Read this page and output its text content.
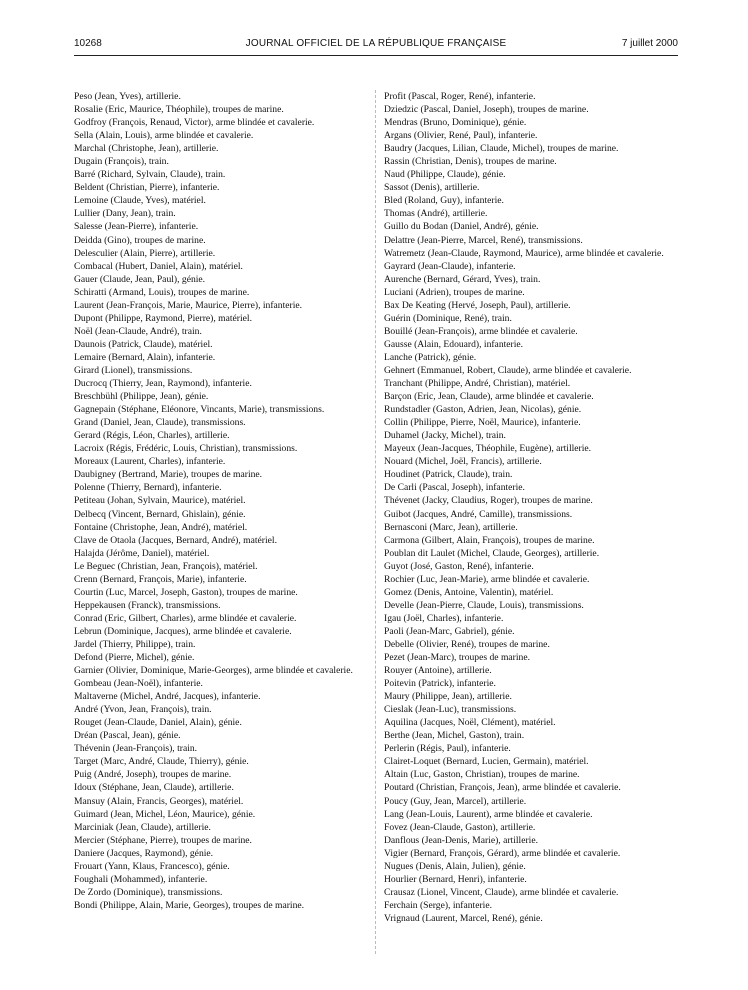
10268	JOURNAL OFFICIEL DE LA RÉPUBLIQUE FRANÇAISE	7 juillet 2000

Peso (Jean, Yves), artillerie.

Rosalie (Eric, Maurice, Théophile), troupes de marine.

Godfroy (François, Renaud, Victor), arme blindée et cavalerie.

Sella (Alain, Louis), arme blindée et cavalerie.

Marchal (Christophe, Jean), artillerie.

Dugain (François), train.

Barré (Richard, Sylvain, Claude), train.

Beldent (Christian, Pierre), infanterie.

Lemoine (Claude, Yves), matériel.

Lullier (Dany, Jean), train.

Salesse (Jean-Pierre), infanterie.

Deidda (Gino), troupes de marine.

Delesculier (Alain, Pierre), artillerie.

Combacal (Hubert, Daniel, Alain), matériel.

Gauer (Claude, Jean, Paul), génie.

Schiratti (Armand, Louis), troupes de marine.

Laurent (Jean-François, Marie, Maurice, Pierre), infanterie.

Dupont (Philippe, Raymond, Pierre), matériel.

Noël (Jean-Claude, André), train.

Daunois (Patrick, Claude), matériel.

Lemaire (Bernard, Alain), infanterie.

Girard (Lionel), transmissions.

Ducrocq (Thierry, Jean, Raymond), infanterie.

Breschbühl (Philippe, Jean), génie.

Gagnepain (Stéphane, Eléonore, Vincants, Marie), transmissions.

Grand (Daniel, Jean, Claude), transmissions.

Gerard (Régis, Léon, Charles), artillerie.

Lacroix (Régis, Frédéric, Louis, Christian), transmissions.

Moreaux (Laurent, Charles), infanterie.

Daubigney (Bertrand, Marie), troupes de marine.

Polenne (Thierry, Bernard), infanterie.

Petiteau (Johan, Sylvain, Maurice), matériel.

Delbecq (Vincent, Bernard, Ghislain), génie.

Fontaine (Christophe, Jean, André), matériel.

Clave de Otaola (Jacques, Bernard, André), matériel.

Halajda (Jérôme, Daniel), matériel.

Le Beguec (Christian, Jean, François), matériel.

Crenn (Bernard, François, Marie), infanterie.

Courtin (Luc, Marcel, Joseph, Gaston), troupes de marine.

Heppekausen (Franck), transmissions.

Conrad (Eric, Gilbert, Charles), arme blindée et cavalerie.

Lebrun (Dominique, Jacques), arme blindée et cavalerie.

Jardel (Thierry, Philippe), train.

Defond (Pierre, Michel), génie.

Garnier (Olivier, Dominique, Marie-Georges), arme blindée et cavalerie.

Gombeau (Jean-Noël), infanterie.

Maltaverne (Michel, André, Jacques), infanterie.

André (Yvon, Jean, François), train.

Rouget (Jean-Claude, Daniel, Alain), génie.

Dréan (Pascal, Jean), génie.

Thévenin (Jean-François), train.

Target (Marc, André, Claude, Thierry), génie.

Puig (André, Joseph), troupes de marine.

Idoux (Stéphane, Jean, Claude), artillerie.

Mansuy (Alain, Francis, Georges), matériel.

Guimard (Jean, Michel, Léon, Maurice), génie.

Marciniak (Jean, Claude), artillerie.

Mercier (Stéphane, Pierre), troupes de marine.

Daniere (Jacques, Raymond), génie.

Frouart (Yann, Klaus, Francesco), génie.

Foughali (Mohammed), infanterie.

De Zordo (Dominique), transmissions.

Bondi (Philippe, Alain, Marie, Georges), troupes de marine.

Profit (Pascal, Roger, René), infanterie.

Dziedzic (Pascal, Daniel, Joseph), troupes de marine.

Mendras (Bruno, Dominique), génie.

Argans (Olivier, René, Paul), infanterie.

Baudry (Jacques, Lilian, Claude, Michel), troupes de marine.

Rassin (Christian, Denis), troupes de marine.

Naud (Philippe, Claude), génie.

Sassot (Denis), artillerie.

Bled (Roland, Guy), infanterie.

Thomas (André), artillerie.

Guillo du Bodan (Daniel, André), génie.

Delattre (Jean-Pierre, Marcel, René), transmissions.

Watremetz (Jean-Claude, Raymond, Maurice), arme blindée et cavalerie.

Gayrard (Jean-Claude), infanterie.

Aurenche (Bernard, Gérard, Yves), train.

Luciani (Adrien), troupes de marine.

Bax De Keating (Hervé, Joseph, Paul), artillerie.

Guérin (Dominique, René), train.

Bouillé (Jean-François), arme blindée et cavalerie.

Gausse (Alain, Edouard), infanterie.

Lanche (Patrick), génie.

Gehnert (Emmanuel, Robert, Claude), arme blindée et cavalerie.

Tranchant (Philippe, André, Christian), matériel.

Barçon (Eric, Jean, Claude), arme blindée et cavalerie.

Rundstadler (Gaston, Adrien, Jean, Nicolas), génie.

Collin (Philippe, Pierre, Noël, Maurice), infanterie.

Duhamel (Jacky, Michel), train.

Mayeux (Jean-Jacques, Théophile, Eugène), artillerie.

Nouard (Michel, Joël, Francis), artillerie.

Houdinet (Patrick, Claude), train.

De Carli (Pascal, Joseph), infanterie.

Thévenet (Jacky, Claudius, Roger), troupes de marine.

Guibot (Jacques, André, Camille), transmissions.

Bernasconi (Marc, Jean), artillerie.

Carmona (Gilbert, Alain, François), troupes de marine.

Poublan dit Laulet (Michel, Claude, Georges), artillerie.

Guyot (José, Gaston, René), infanterie.

Rochier (Luc, Jean-Marie), arme blindée et cavalerie.

Gomez (Denis, Antoine, Valentin), matériel.

Develle (Jean-Pierre, Claude, Louis), transmissions.

Igau (Joël, Charles), infanterie.

Paoli (Jean-Marc, Gabriel), génie.

Debelle (Olivier, René), troupes de marine.

Pezet (Jean-Marc), troupes de marine.

Rouyer (Antoine), artillerie.

Poitevin (Patrick), infanterie.

Maury (Philippe, Jean), artillerie.

Cieslak (Jean-Luc), transmissions.

Aquilina (Jacques, Noël, Clément), matériel.

Berthe (Jean, Michel, Gaston), train.

Perlerin (Régis, Paul), infanterie.

Clairet-Loquet (Bernard, Lucien, Germain), matériel.

Altain (Luc, Gaston, Christian), troupes de marine.

Poutard (Christian, François, Jean), arme blindée et cavalerie.

Poucy (Guy, Jean, Marcel), artillerie.

Lang (Jean-Louis, Laurent), arme blindée et cavalerie.

Fovez (Jean-Claude, Gaston), artillerie.

Danflous (Jean-Denis, Marie), artillerie.

Vigier (Bernard, François, Gérard), arme blindée et cavalerie.

Nugues (Denis, Alain, Julien), génie.

Hourlier (Bernard, Henri), infanterie.

Crausaz (Lionel, Vincent, Claude), arme blindée et cavalerie.

Ferchain (Serge), infanterie.

Vrignaud (Laurent, Marcel, René), génie.
